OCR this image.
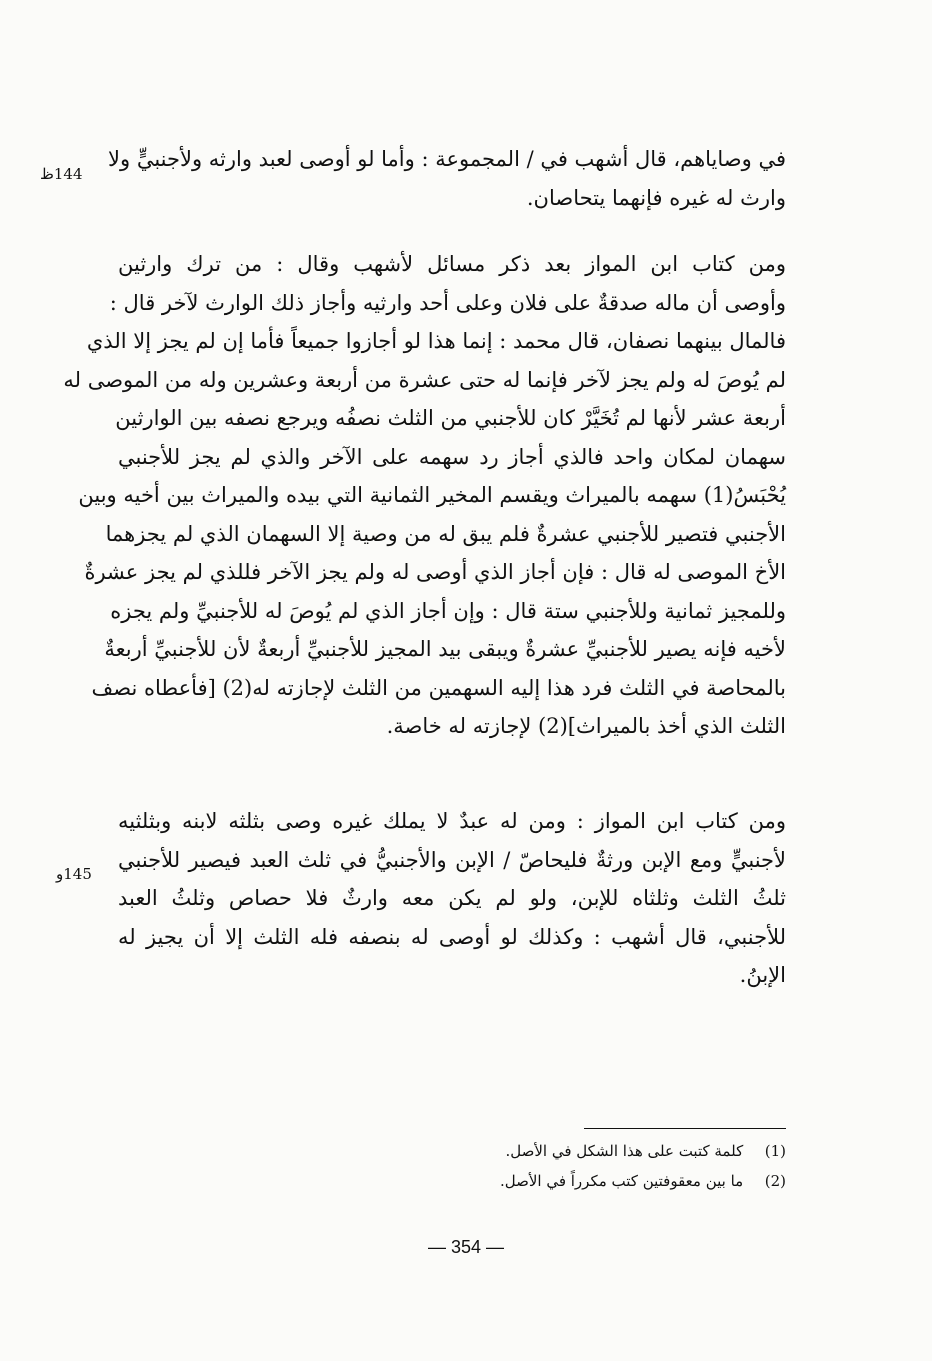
144ظ
145و
في وصاياهم، قال أشهب في / المجموعة : وأما لو أوصى لعبد وارثه ولأجنبيٍّ ولا
وارث له غيره فإنهما يتحاصان.
ومن كتاب ابن المواز بعد ذكر مسائل لأشهب وقال : من ترك وارثين
وأوصى أن ماله صدقةٌ على فلان وعلى أحد وارثيه وأجاز ذلك الوارث لآخر قال :
فالمال بينهما نصفان، قال محمد : إنما هذا لو أجازوا جميعاً فأما إن لم يجز إلا الذي
لم يُوصَ له ولم يجز لآخر فإنما له حتى عشرة من أربعة وعشرين وله من الموصى له
أربعة عشر لأنها لم تُخَيَّرْ كان للأجنبي من الثلث نصفُه ويرجع نصفه بين الوارثين
سهمان لمكان واحد فالذي أجاز رد سهمه على الآخر والذي لم يجز للأجنبي
يُحْبَسُ(1) سهمه بالميراث ويقسم المخير الثمانية التي بيده والميراث بين أخيه وبين
الأجنبي فتصير للأجنبي عشرةٌ فلم يبق له من وصية إلا السهمان الذي لم يجزهما
الأخ الموصى له قال : فإن أجاز الذي أوصى له ولم يجز الآخر فللذي لم يجز عشرةٌ
وللمجيز ثمانية وللأجنبي ستة قال : وإن أجاز الذي لم يُوصَ له للأجنبيِّ ولم يجزه
لأخيه فإنه يصير للأجنبيِّ عشرةٌ ويبقى بيد المجيز للأجنبيِّ أربعةٌ لأن للأجنبيِّ أربعةٌ
بالمحاصة في الثلث فرد هذا إليه السهمين من الثلث لإجازته له(2) [فأعطاه نصف
الثلث الذي أخذ بالميراث](2) لإجازته له خاصة.
ومن كتاب ابن المواز : ومن له عبدٌ لا يملك غيره وصى بثلثه لابنه وبثلثيه
لأجنبيٍّ ومع الإبن ورثةٌ فليحاصّ / الإبن والأجنبيُّ في ثلث العبد فيصير للأجنبي
ثلثُ الثلث وثلثاه للإبن، ولو لم يكن معه وارثٌ فلا حصاص وثلثُ العبد
للأجنبي، قال أشهب : وكذلك لو أوصى له بنصفه فله الثلث إلا أن يجيز له
الإبنُ.
(1) كلمة كتبت على هذا الشكل في الأصل.
(2) ما بين معقوفتين كتب مكرراً في الأصل.
— 354 —
